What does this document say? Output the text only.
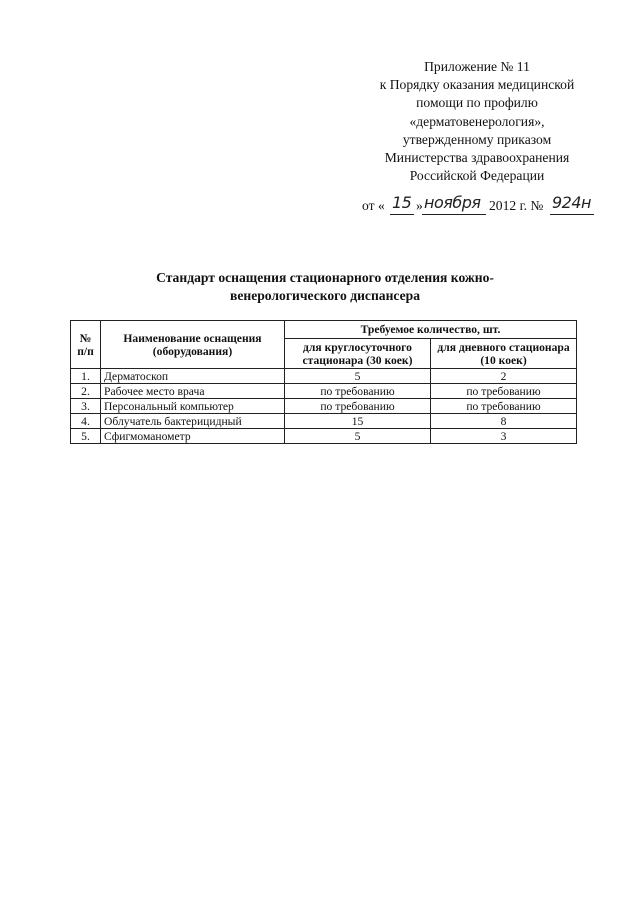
Приложение № 11
к Порядку оказания медицинской
помощи по профилю
«дерматовенерология»,
утвержденному приказом
Министерства здравоохранения
Российской Федерации
от « 15 » ноября 2012 г. № 924н
Стандарт оснащения стационарного отделения кожно-
венерологического диспансера
№ п/п	Наименование оснащения (оборудования)	Требуемое количество, шт.	
		для круглосуточного стационара (30 коек)	для дневного стационара (10 коек)
1.	Дерматоскоп	5	2
2.	Рабочее место врача	по требованию	по требованию
3.	Персональный компьютер	по требованию	по требованию
4.	Облучатель бактерицидный	15	8
5.	Сфигмоманометр	5	3
